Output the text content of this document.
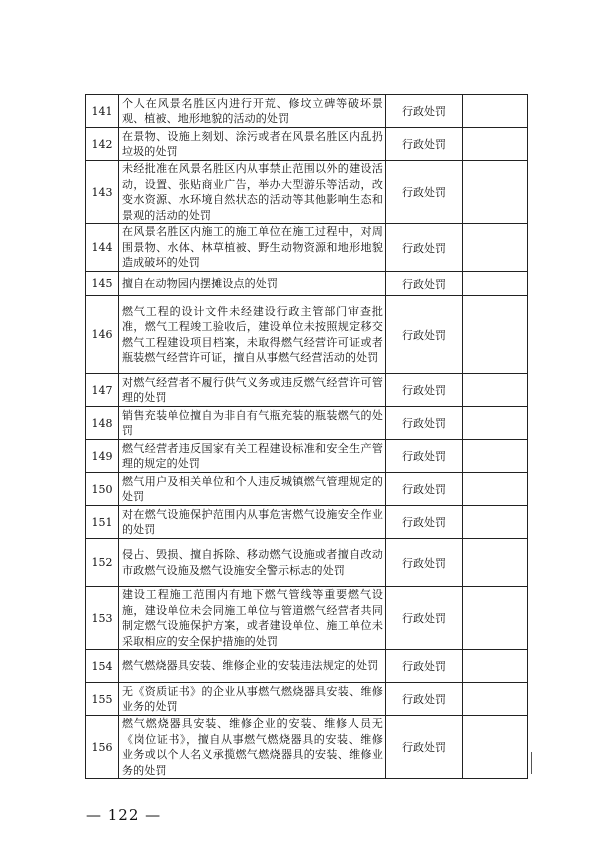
141	个人在风景名胜区内进行开荒、修坟立碑等破坏景观、植被、地形地貌的活动的处罚	行政处罚	
142	在景物、设施上刻划、涂污或者在风景名胜区内乱扔垃圾的处罚	行政处罚	
143	未经批准在风景名胜区内从事禁止范围以外的建设活动，设置、张贴商业广告，举办大型游乐等活动，改变水资源、水环境自然状态的活动等其他影响生态和景观的活动的处罚	行政处罚	
144	在风景名胜区内施工的施工单位在施工过程中，对周围景物、水体、林草植被、野生动物资源和地形地貌造成破坏的处罚	行政处罚	
145	擅自在动物园内摆摊设点的处罚	行政处罚	
146	燃气工程的设计文件未经建设行政主管部门审查批准，燃气工程竣工验收后，建设单位未按照规定移交燃气工程建设项目档案，未取得燃气经营许可证或者瓶装燃气经营许可证，擅自从事燃气经营活动的处罚	行政处罚	
147	对燃气经营者不履行供气义务或违反燃气经营许可管理的处罚	行政处罚	
148	销售充装单位擅自为非自有气瓶充装的瓶装燃气的处罚	行政处罚	
149	燃气经营者违反国家有关工程建设标准和安全生产管理的规定的处罚	行政处罚	
150	燃气用户及相关单位和个人违反城镇燃气管理规定的处罚	行政处罚	
151	对在燃气设施保护范围内从事危害燃气设施安全作业的处罚	行政处罚	
152	侵占、毁损、擅自拆除、移动燃气设施或者擅自改动市政燃气设施及燃气设施安全警示标志的处罚	行政处罚	
153	建设工程施工范围内有地下燃气管线等重要燃气设施，建设单位未会同施工单位与管道燃气经营者共同制定燃气设施保护方案，或者建设单位、施工单位未采取相应的安全保护措施的处罚	行政处罚	
154	燃气燃烧器具安装、维修企业的安装违法规定的处罚	行政处罚	
155	无《资质证书》的企业从事燃气燃烧器具安装、维修业务的处罚	行政处罚	
156	燃气燃烧器具安装、维修企业的安装、维修人员无《岗位证书》，擅自从事燃气燃烧器具的安装、维修业务或以个人名义承揽燃气燃烧器具的安装、维修业务的处罚	行政处罚	
— 122 —
